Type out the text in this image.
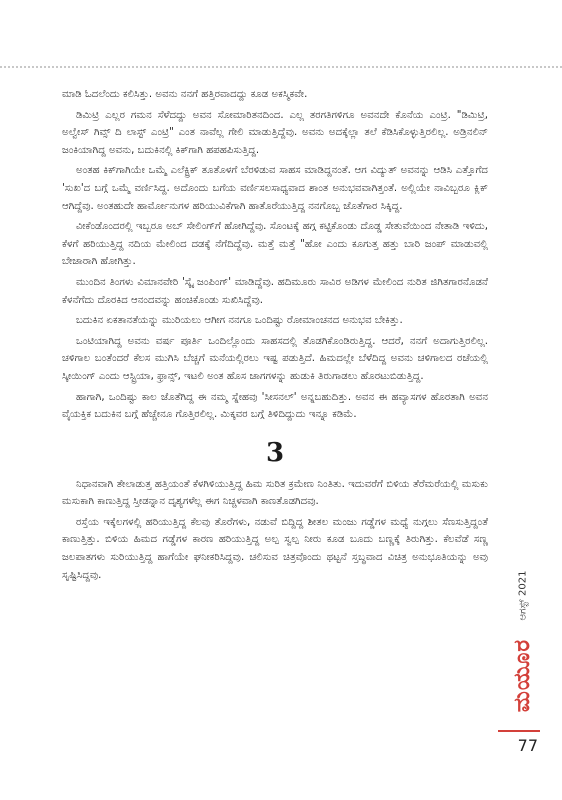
ಮಾಡಿ ಓದಲೆಂದು ಕಲಿಸಿತ್ತು. ಅವನು ನನಗೆ ಹತ್ತಿರವಾದದ್ದು ಕೂಡ ಅಕಸ್ಮಿಕವೇ.

ಡಿಮಿಟ್ರಿ ಎಲ್ಲರ ಗಮನ ಸೆಳೆದದ್ದು ಅವನ ಸೋಮಾರಿತನದಿಂದ. ಎಲ್ಲ ತರಗತಿಗಳಿಗೂ ಅವನದೇ ಕೊನೆಯ ಎಂಟ್ರಿ. "ಡಿಮಿಟ್ರಿ, ಅಲ್ವೇಸ್ ಗಿವ್ಸ್ ದಿ ಲಾಸ್ಟ್ ಎಂಟ್ರಿ" ಎಂತ ನಾವೆಲ್ಲ ಗೇಲಿ ಮಾಡುತ್ತಿದ್ದೆವು. ಅವನು ಅದಕ್ಕೆಲ್ಲಾ ತಲೆ ಕೆಡಿಸಿಕೊಳ್ಳುತ್ತಿರಲಿಲ್ಲ. ಅಡ್ರಿನಲಿನ್ ಜಂಕಿಯಾಗಿದ್ದ ಅವನು, ಬದುಕಿನಲ್ಲಿ ಕಿಕ್‌ಗಾಗಿ ಹಪಹಪಿಸುತ್ತಿದ್ದ.

ಅಂತಹ ಕಿಕ್‌ಗಾಗಿಯೇ ಒಮ್ಮೆ ಎಲೆಕ್ಟ್ರಿಕ್ ತೂತೊಳಗೆ ಬೆರಳಿಡುವ ಸಾಹಸ ಮಾಡಿದ್ದನಂತೆ. ಆಗ ವಿದ್ಯುತ್ ಅವನನ್ನು ಆಡಿಸಿ ಎತ್ತೊಗೆದ 'ಸುಖ'ದ ಬಗ್ಗೆ ಒಮ್ಮೆ ವರ್ಣಿಸಿದ್ದ. ಅದೊಂದು ಬಗೆಯ ವರ್ಣಿಸಲಸಾಧ್ಯವಾದ ಶಾಂತ ಅನುಭವವಾಗಿತ್ತಂತೆ. ಅಲ್ಲಿಯೇ ನಾವಿಬ್ಬರೂ ಕ್ಲಿಕ್ ಆಗಿದ್ದೆವು. ಅಂತಹುದೇ ಹಾರ್ಮೋನುಗಳ ಹರಿಯುವಿಕೆಗಾಗಿ ಹಾತೊರೆಯುತ್ತಿದ್ದ ನನಗೊಬ್ಬ ಜೊತೆಗಾರ ಸಿಕ್ಕಿದ್ದ.

ವೀಕೆಂಡೊಂದರಲ್ಲಿ ಇಬ್ಬರೂ ಅಬ್ ಸೇಲಿಂಗ್‌ಗೆ ಹೋಗಿದ್ದೆವು. ಸೊಂಟಕ್ಕೆ ಹಗ್ಗ ಕಟ್ಟಿಕೊಂಡು ದೊಡ್ಡ ಸೇತುವೆಯಿಂದ ನೇತಾಡಿ ಇಳಿದು, ಕೆಳಗೆ ಹರಿಯುತ್ತಿದ್ದ ನದಿಯ ಮೇಲಿಂದ ದಡಕ್ಕೆ ನೆಗೆದಿದ್ದೆವು. ಮತ್ತೆ ಮತ್ತೆ "ಹೋ ಎಂದು ಕೂಗುತ್ತ ಹತ್ತು ಬಾರಿ ಜಂಪ್ ಮಾಡುವಲ್ಲಿ ಬೇಜಾರಾಗಿ ಹೋಗಿತ್ತು.

ಮುಂದಿನ ತಿಂಗಳು ವಿಮಾನವೇರಿ 'ಸ್ಕೈ ಜಂಪಿಂಗ್' ಮಾಡಿದ್ದೆವು. ಹದಿಮೂರು ಸಾವಿರ ಅಡಿಗಳ ಮೇಲಿಂದ ನುರಿತ ಜಿಗಿತಗಾರನೊಡನೆ ಕೆಳನೆಗೆದು ದೊರಕಿದ ಆನಂದವನ್ನು ಹಂಚಿಕೊಂಡು ಸುಖಿಸಿದ್ದೆವು.

ಬದುಕಿನ ಏಕತಾನತೆಯನ್ನು ಮುರಿಯಲು ಆಗೀಗ ನನಗೂ ಒಂದಿಷ್ಟು ರೋಮಾಂಚನದ ಅನುಭವ ಬೇಕಿತ್ತು.

ಒಂಟಿಯಾಗಿದ್ದ ಅವನು ವರ್ಷ ಪೂರ್ತಿ ಒಂದಿಲ್ಲೊಂದು ಸಾಹಸದಲ್ಲಿ ತೊಡಗಿಕೊಂಡಿರುತ್ತಿದ್ದ. ಆದರೆ, ನನಗೆ ಅದಾಗುತ್ತಿರಲಿಲ್ಲ. ಚಳಿಗಾಲ ಬಂತೆಂದರೆ ಕೆಲಸ ಮುಗಿಸಿ ಬೆಚ್ಚಗೆ ಮನೆಯಲ್ಲಿರಲು ಇಷ್ಟ ಪಡುತ್ತಿದೆ. ಹಿಮದಲ್ಲೇ ಬೆಳೆದಿದ್ದ ಅವನು ಚಳಿಗಾಲದ ರಜೆಯಲ್ಲಿ ಸ್ಕೀಯಿಂಗ್ ಎಂದು ಆಸ್ಟ್ರಿಯಾ, ಫ್ರಾನ್ಸ್, ಇಟಲಿ ಅಂತ ಹೊಸ ಜಾಗಗಳನ್ನು ಹುಡುಕಿ ತಿರುಗಾಡಲು ಹೊರಟುಬಿಡುತ್ತಿದ್ದ.

ಹಾಗಾಗಿ, ಒಂದಿಷ್ಟು ಕಾಲ ಜೊತೆಗಿದ್ದ ಈ ನಮ್ಮ ಸ್ನೇಹವು 'ಸೀಸನಲ್' ಅನ್ನಬಹುದಿತ್ತು. ಅವನ ಈ ಹವ್ಯಾಸಗಳ ಹೊರತಾಗಿ ಅವನ ವೈಯಕ್ತಿಕ ಬದುಕಿನ ಬಗ್ಗೆ ಹೆಚ್ಚೇನೂ ಗೊತ್ತಿರಲಿಲ್ಲ. ಮಿಕ್ಕವರ ಬಗ್ಗೆ ತಿಳಿದಿದ್ದುದು ಇನ್ನೂ ಕಡಿಮೆ.

3

ನಿಧಾನವಾಗಿ ತೇಲಾಡುತ್ತ ಹತ್ತಿಯಂತೆ ಕೆಳಗಿಳಿಯುತ್ತಿದ್ದ ಹಿಮ ಸುರಿತ ಕ್ರಮೇಣ ನಿಂತಿತು. ಇದುವರೆಗೆ ಬಿಳಿಯ ತೆರೆಮರೆಯಲ್ಲಿ ಮಸುಕು ಮಸುಕಾಗಿ ಕಾಣುತ್ತಿದ್ದ ಸ್ತೀಡನ್ನಾನ ದೃಶ್ಯಗಳೆಲ್ಲ ಈಗ ನಿಚ್ಚಳವಾಗಿ ಕಾಣತೊಡಗಿದವು.

ರಸ್ತೆಯ ಇಕ್ಕೆಲಗಳಲ್ಲಿ ಹರಿಯುತ್ತಿದ್ದ ಕೆಲವು ತೊರೆಗಳು, ನಡುವೆ ಬಿದ್ದಿದ್ದ ಶೀತಲ ಮಂಜು ಗಡ್ಡೆಗಳ ಮಧ್ಯೆ ನುಗ್ಗಲು ಸೆಣಸುತ್ತಿದ್ದಂತೆ ಕಾಣುತ್ತಿತ್ತು. ಬಿಳಿಯ ಹಿಮದ ಗಡ್ಡೆಗಳ ಕಾರಣ ಹರಿಯುತ್ತಿದ್ದ ಅಲ್ಪ ಸ್ವಲ್ಪ ನೀರು ಕೂಡ ಬೂದು ಬಣ್ಣಕ್ಕೆ ತಿರುಗಿತ್ತು. ಕೆಲವೆಡೆ ಸಣ್ಣ ಜಲಪಾತಗಳು ಸುರಿಯುತ್ತಿದ್ದ ಹಾಗೆಯೇ ಘನೀಕರಿಸಿದ್ದವು. ಚಲಿಸುವ ಚಿತ್ರವೊಂದು ಥಟ್ಟನೆ ಸ್ತಬ್ಧವಾದ ವಿಚಿತ್ರ ಅನುಭೂತಿಯನ್ನು ಅವು ಸೃಷ್ಟಿಸಿದ್ದವು.	ಆಗಸ್ಟ್ 2021
ಮಯೂರ
77
